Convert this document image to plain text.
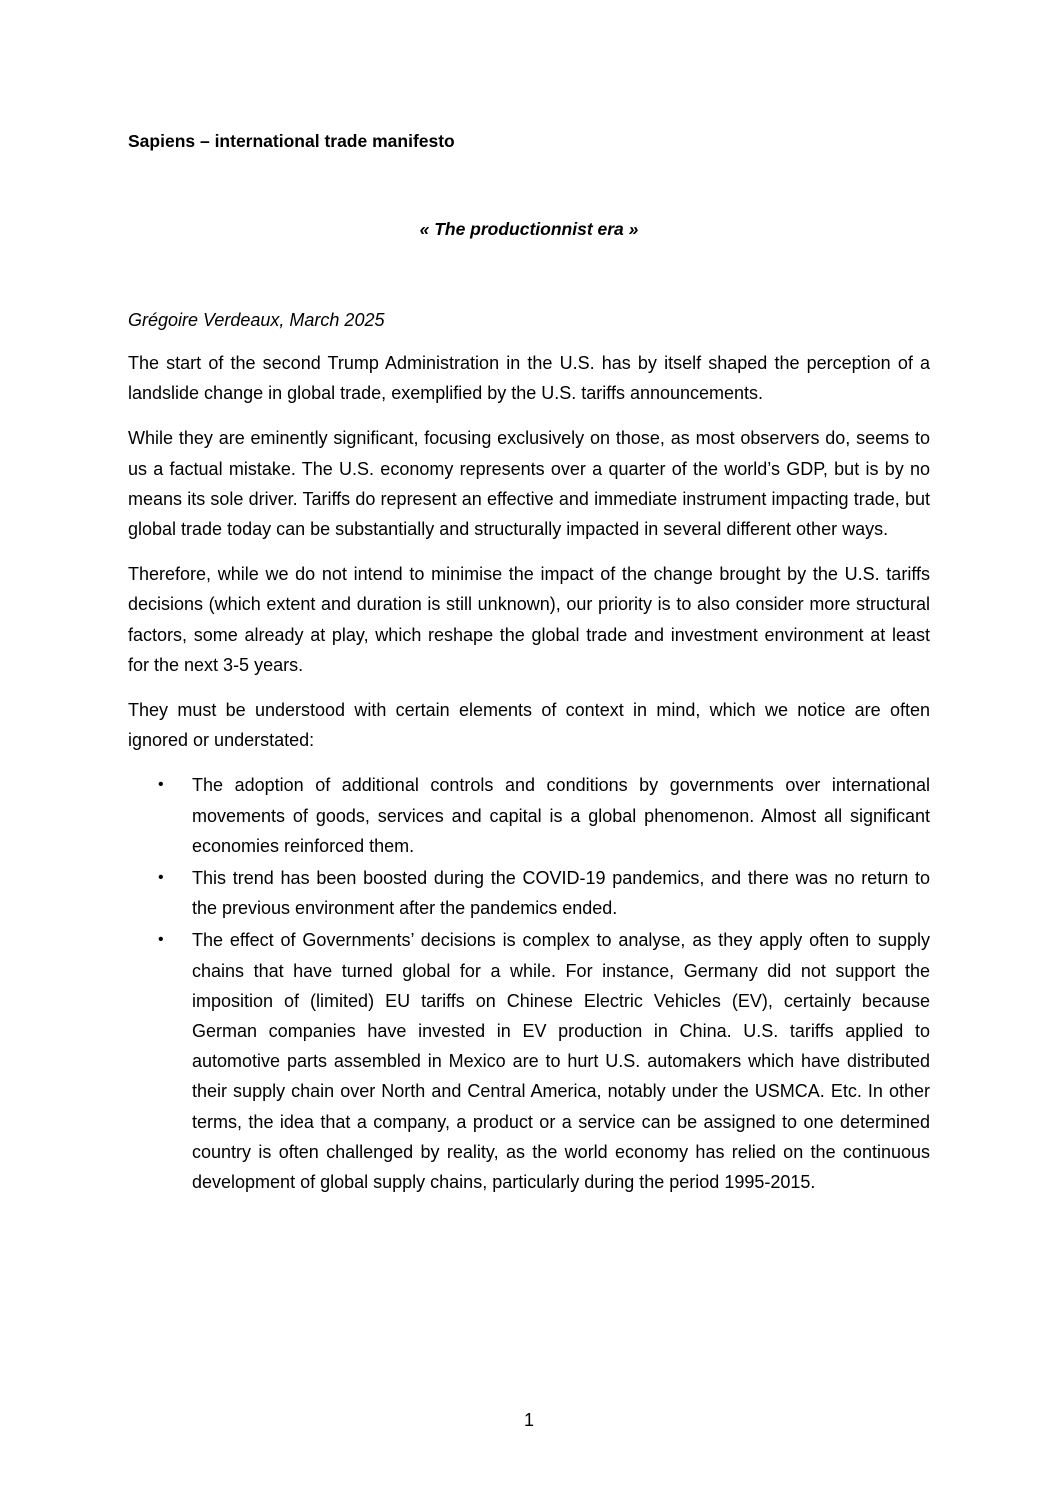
Sapiens – international trade manifesto

« The productionnist era »

Grégoire Verdeaux, March 2025

The start of the second Trump Administration in the U.S. has by itself shaped the perception of a landslide change in global trade, exemplified by the U.S. tariffs announcements.

While they are eminently significant, focusing exclusively on those, as most observers do, seems to us a factual mistake. The U.S. economy represents over a quarter of the world’s GDP, but is by no means its sole driver. Tariffs do represent an effective and immediate instrument impacting trade, but global trade today can be substantially and structurally impacted in several different other ways.

Therefore, while we do not intend to minimise the impact of the change brought by the U.S. tariffs decisions (which extent and duration is still unknown), our priority is to also consider more structural factors, some already at play, which reshape the global trade and investment environment at least for the next 3-5 years.

They must be understood with certain elements of context in mind, which we notice are often ignored or understated:

• The adoption of additional controls and conditions by governments over international movements of goods, services and capital is a global phenomenon. Almost all significant economies reinforced them.
• This trend has been boosted during the COVID-19 pandemics, and there was no return to the previous environment after the pandemics ended.
• The effect of Governments’ decisions is complex to analyse, as they apply often to supply chains that have turned global for a while. For instance, Germany did not support the imposition of (limited) EU tariffs on Chinese Electric Vehicles (EV), certainly because German companies have invested in EV production in China. U.S. tariffs applied to automotive parts assembled in Mexico are to hurt U.S. automakers which have distributed their supply chain over North and Central America, notably under the USMCA. Etc. In other terms, the idea that a company, a product or a service can be assigned to one determined country is often challenged by reality, as the world economy has relied on the continuous development of global supply chains, particularly during the period 1995-2015.

1
